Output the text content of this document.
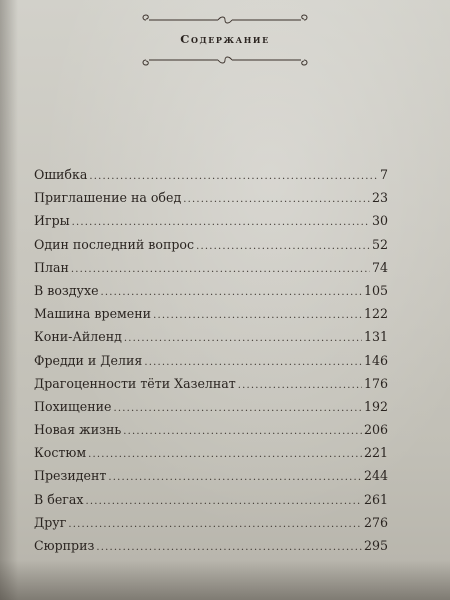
Содержание
Ошибка .....	7
Приглашение на обед .....	23
Игры .....	30
Один последний вопрос .....	52
План .....	74
В воздухе .....	105
Машина времени .....	122
Кони-Айленд .....	131
Фредди и Делия .....	146
Драгоценности тёти Хазелнат .....	176
Похищение .....	192
Новая жизнь .....	206
Костюм .....	221
Президент .....	244
В бегах .....	261
Друг .....	276
Сюрприз .....	295
